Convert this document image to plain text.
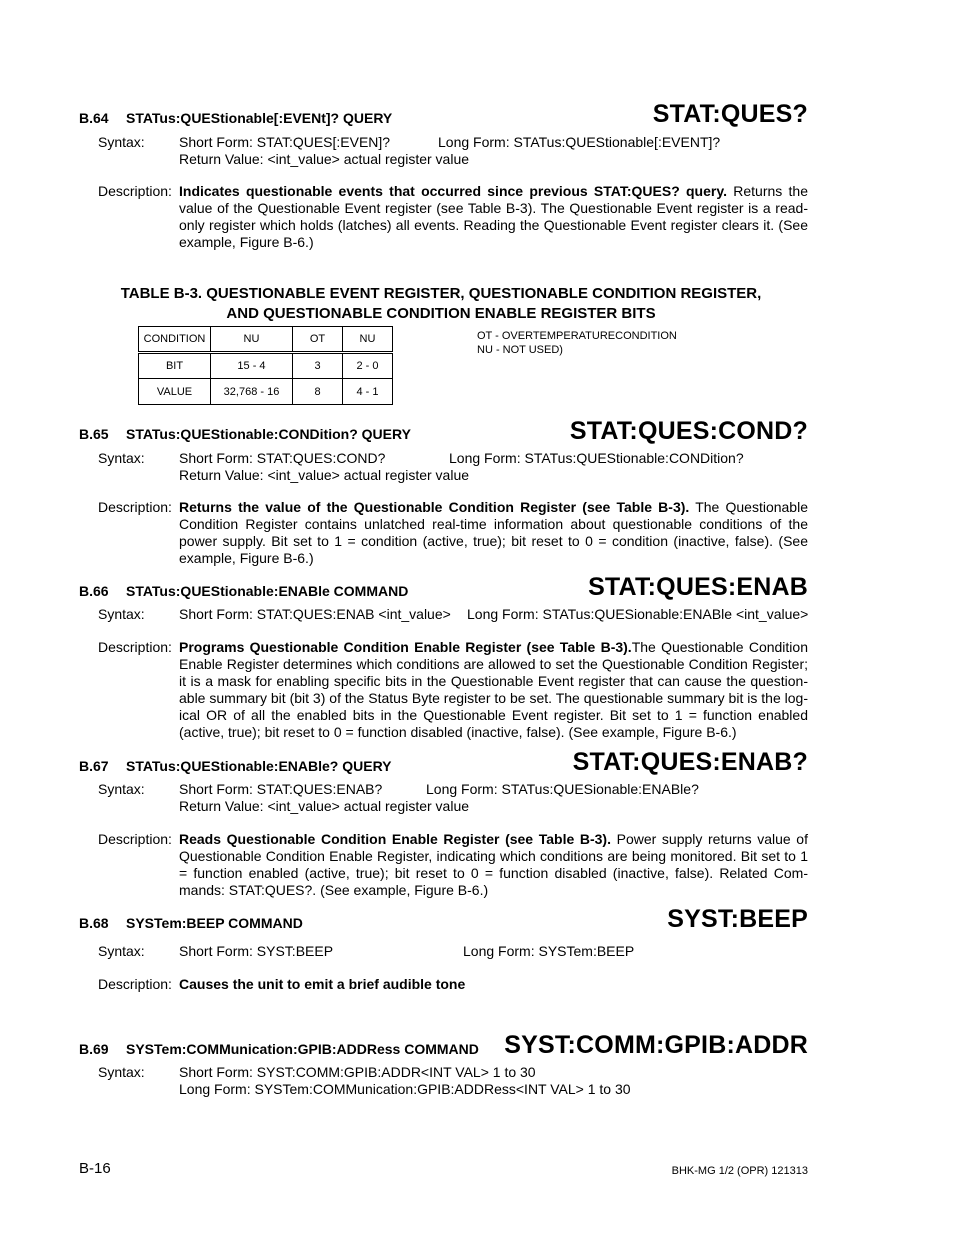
B.64 STATus:QUEStionable[:EVENt]? QUERY	STAT:QUES?
Syntax: Short Form: STAT:QUES[:EVEN]?	Long Form: STATus:QUEStionable[:EVENT]?
Return Value: <int_value> actual register value
Description: Indicates questionable events that occurred since previous STAT:QUES? query. Returns the value of the Questionable Event register (see Table B-3). The Questionable Event register is a read-only register which holds (latches) all events. Reading the Questionable Event register clears it. (See example, Figure B-6.)
TABLE B-3. QUESTIONABLE EVENT REGISTER, QUESTIONABLE CONDITION REGISTER,
AND QUESTIONABLE CONDITION ENABLE REGISTER BITS
CONDITION	NU	OT	NU
BIT	15 - 4	3	2 - 0
VALUE	32,768 - 16	8	4 - 1
OT - OVERTEMPERATURECONDITION
NU - NOT USED)
B.65 STATus:QUEStionable:CONDition? QUERY	STAT:QUES:COND?
Syntax: Short Form: STAT:QUES:COND?	Long Form: STATus:QUEStionable:CONDition?
Return Value: <int_value> actual register value
Description: Returns the value of the Questionable Condition Register (see Table B-3). The Questionable Condition Register contains unlatched real-time information about questionable conditions of the power supply. Bit set to 1 = condition (active, true); bit reset to 0 = condition (inactive, false). (See example, Figure B-6.)
B.66 STATus:QUEStionable:ENABle COMMAND	STAT:QUES:ENAB
Syntax: Short Form: STAT:QUES:ENAB <int_value> Long Form: STATus:QUESionable:ENABle <int_value>
Description: Programs Questionable Condition Enable Register (see Table B-3).The Questionable Condition Enable Register determines which conditions are allowed to set the Questionable Condition Register; it is a mask for enabling specific bits in the Questionable Event register that can cause the question-able summary bit (bit 3) of the Status Byte register to be set. The questionable summary bit is the log-ical OR of all the enabled bits in the Questionable Event register. Bit set to 1 = function enabled (active, true); bit reset to 0 = function disabled (inactive, false). (See example, Figure B-6.)
B.67 STATus:QUEStionable:ENABle? QUERY	STAT:QUES:ENAB?
Syntax: Short Form: STAT:QUES:ENAB?	Long Form: STATus:QUESionable:ENABle?
Return Value: <int_value> actual register value
Description: Reads Questionable Condition Enable Register (see Table B-3). Power supply returns value of Questionable Condition Enable Register, indicating which conditions are being monitored. Bit set to 1 = function enabled (active, true); bit reset to 0 = function disabled (inactive, false). Related Com-mands: STAT:QUES?. (See example, Figure B-6.)
B.68 SYSTem:BEEP COMMAND	SYST:BEEP
Syntax: Short Form: SYST:BEEP	Long Form: SYSTem:BEEP
Description: Causes the unit to emit a brief audible tone
B.69 SYSTem:COMMunication:GPIB:ADDRess COMMAND SYST:COMM:GPIB:ADDR
Syntax: Short Form: SYST:COMM:GPIB:ADDR<INT VAL> 1 to 30
Long Form: SYSTem:COMMunication:GPIB:ADDRess<INT VAL> 1 to 30
B-16	BHK-MG 1/2 (OPR) 121313
